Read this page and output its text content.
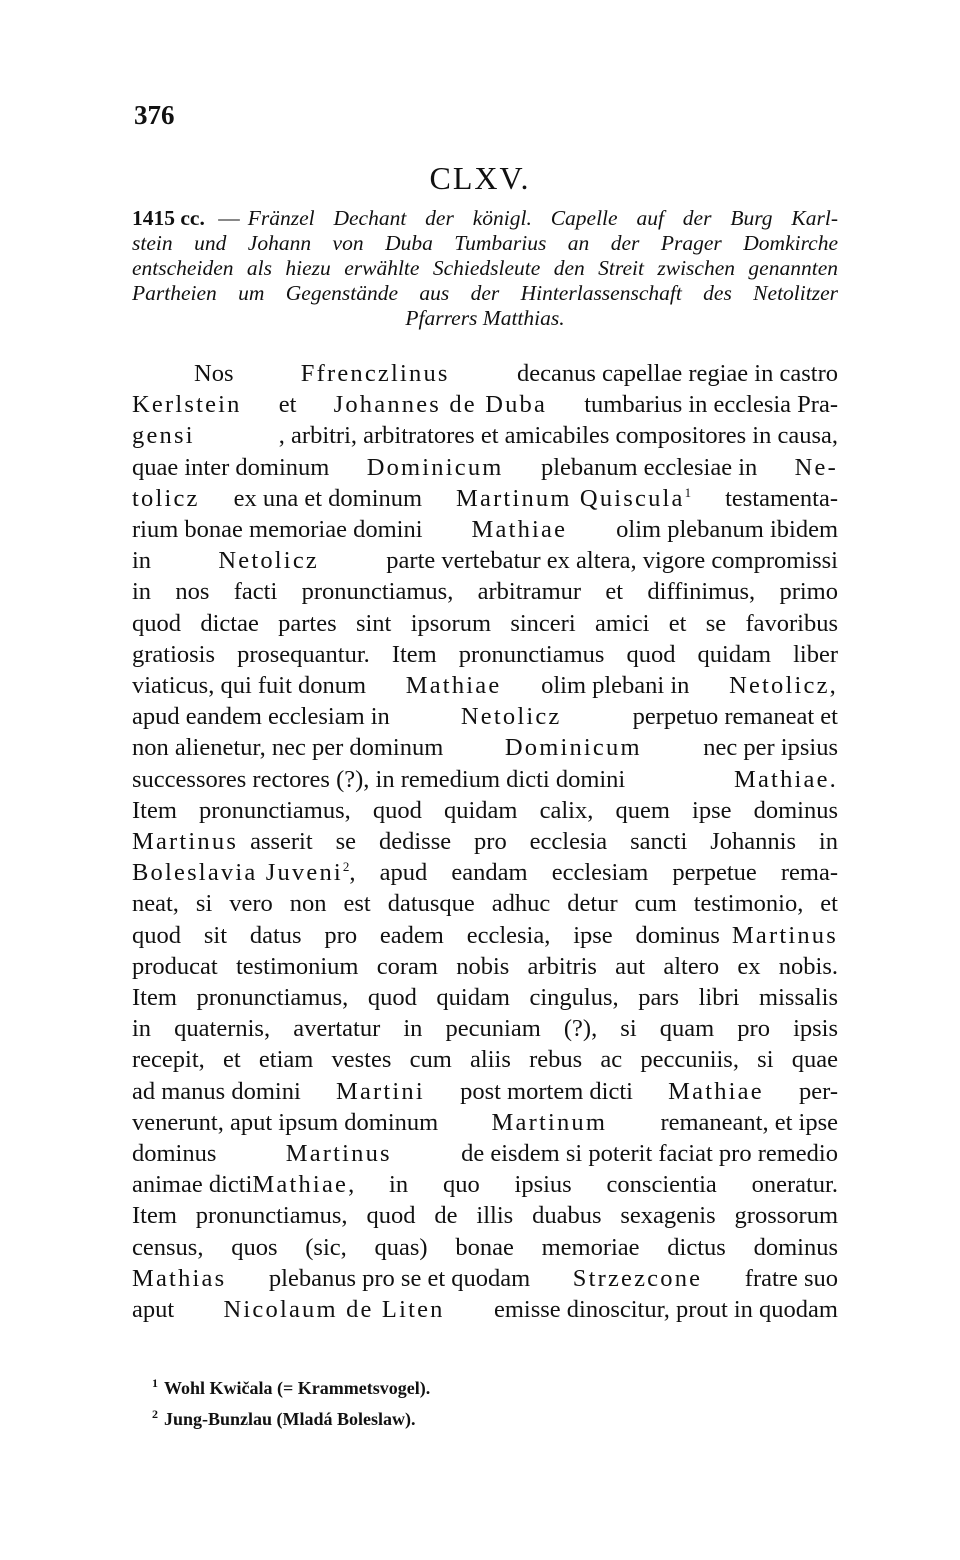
376
CLXV.
1415 cc. — Fränzel Dechant der königl. Capelle auf der Burg Karl-
stein und Johann von Duba Tumbarius an der Prager Domkirche
entscheiden als hiezu erwählte Schiedsleute den Streit zwischen genannten
Partheien um Gegenstände aus der Hinterlassenschaft des Netolitzer
Pfarrers Matthias.
Nos	Ffrenczlinus	decanus capellae regiae in castro
Kerlstein et Johannes de Duba tumbarius in ecclesia Pra-
gensi	, arbitri, arbitratores et amicabiles compositores in causa,
quae inter dominum Dominicum plebanum ecclesiae in Ne-
tolicz ex una et dominum Martinum Quiscula$^1$ testamenta-
rium bonae memoriae domini Mathiae olim plebanum ibidem
in	Netolicz	parte vertebatur ex altera, vigore compromissi
in nos facti pronunctiamus, arbitramur et diffinimus, primo
quod dictae partes sint ipsorum sinceri amici et se favoribus
gratiosis prosequantur. Item pronunctiamus quod quidam liber
viaticus, qui fuit donum Mathiae olim plebani in Netolicz,
apud eandem ecclesiam in	Netolicz	perpetuo remaneat et
non alienetur, nec per dominum	Dominicum	nec per ipsius
successores rectores (?), in remedium dicti domini	Mathiae.
Item pronunctiamus, quod quidam calix, quem ipse dominus
Martinus asserit se dedisse pro ecclesia sancti Johannis in
Boleslavia Juveni$^2$ , apud eandam ecclesiam perpetue rema-
neat, si vero non est datusque adhuc detur cum testimonio, et
quod sit datus pro eadem ecclesia, ipse dominus Martinus
producat testimonium coram nobis arbitris aut altero ex nobis.
Item pronunctiamus, quod quidam cingulus, pars libri missalis
in quaternis, avertatur in pecuniam (?), si quam pro ipsis
recepit, et etiam vestes cum aliis rebus ac peccuniis, si quae
ad manus domini Martini post mortem dicti Mathiae per-
venerunt, aput ipsum dominum Martinum remaneant, et ipse
dominus	Martinus	de eisdem si poterit faciat pro remedio
animae dicti Mathiae , in quo ipsius conscientia oneratur.
Item pronunctiamus, quod de illis duabus sexagenis grossorum
census, quos (sic, quas) bonae memoriae dictus dominus
Mathias plebanus pro se et quodam Strzezcone fratre suo
aput Nicolaum de Liten emisse dinoscitur, prout in quodam
$^1$ Wohl Kwičala (= Krammetsvogel).
$^2$ Jung-Bunzlau (Mladá Boleslaw).
